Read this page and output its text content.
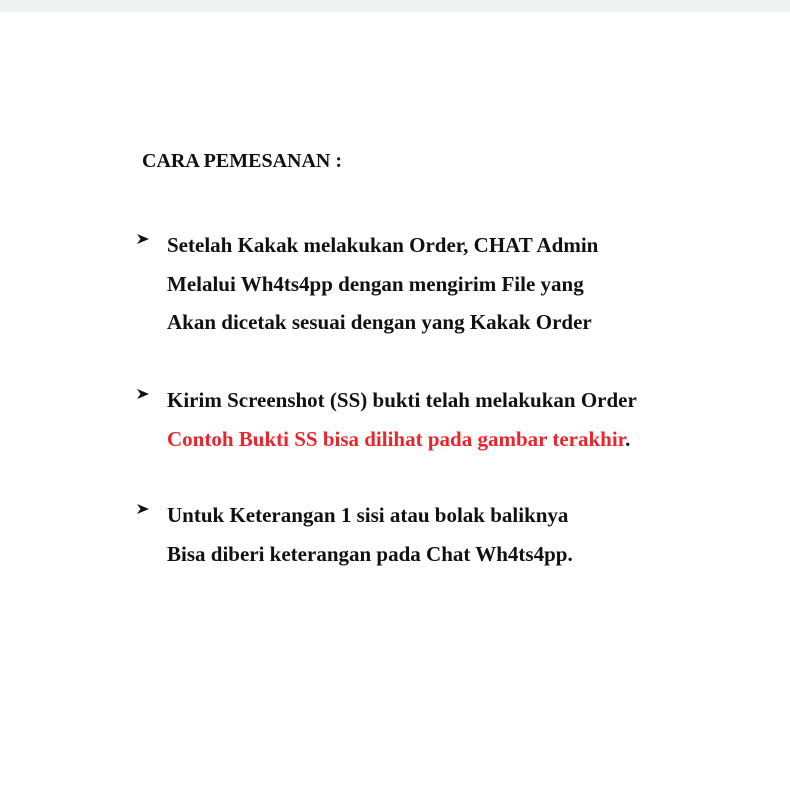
CARA PEMESANAN :
Setelah Kakak melakukan Order, CHAT Admin
Melalui Wh4ts4pp dengan mengirim File yang
Akan dicetak sesuai dengan yang Kakak Order
Kirim Screenshot (SS) bukti telah melakukan Order
Contoh Bukti SS bisa dilihat pada gambar terakhir.
Untuk Keterangan 1 sisi atau bolak baliknya
Bisa diberi keterangan pada Chat Wh4ts4pp.
